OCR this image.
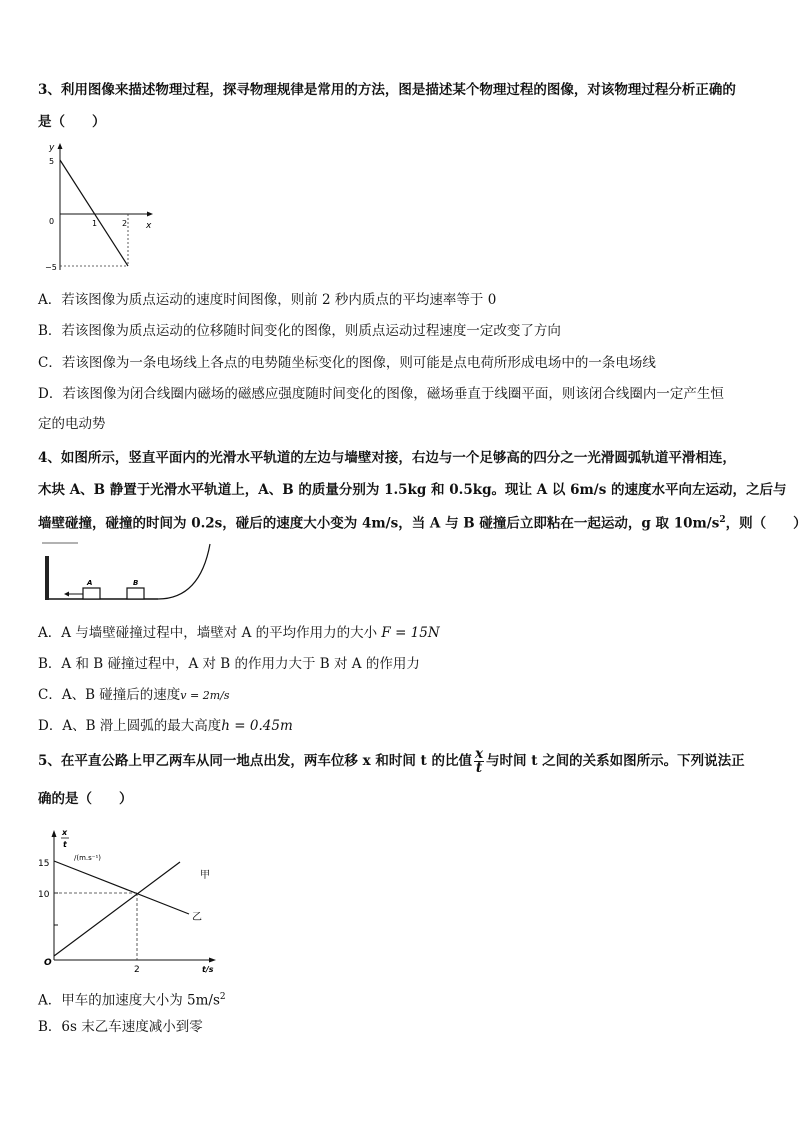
3、利用图像来描述物理过程，探寻物理规律是常用的方法，图是描述某个物理过程的图像，对该物理过程分析正确的
是（　　）
y
x
5
0
−5
1	2
A．若该图像为质点运动的速度时间图像，则前 2 秒内质点的平均速率等于 0
B．若该图像为质点运动的位移随时间变化的图像，则质点运动过程速度一定改变了方向
C．若该图像为一条电场线上各点的电势随坐标变化的图像，则可能是点电荷所形成电场中的一条电场线
D．若该图像为闭合线圈内磁场的磁感应强度随时间变化的图像，磁场垂直于线圈平面，则该闭合线圈内一定产生恒
定的电动势
4、如图所示，竖直平面内的光滑水平轨道的左边与墙壁对接，右边与一个足够高的四分之一光滑圆弧轨道平滑相连，
木块 A、B 静置于光滑水平轨道上，A、B 的质量分别为 1.5kg 和 0.5kg。现让 A 以 6m/s 的速度水平向左运动，之后与
墙壁碰撞，碰撞的时间为 0.2s，碰后的速度大小变为 4m/s，当 A 与 B 碰撞后立即粘在一起运动，g 取 $10m/s^2$，则（　　）
A	B
A．A 与墙壁碰撞过程中，墙壁对 A 的平均作用力的大小 F = 15N
B．A 和 B 碰撞过程中，A 对 B 的作用力大于 B 对 A 的作用力
C．A、B 碰撞后的速度v = 2m/s
D．A、B 滑上圆弧的最大高度h = 0.45m
5、在平直公路上甲乙两车从同一地点出发，两车位移 x 和时间 t 的比值 $\frac{x}{t}$ 与时间 t 之间的关系如图所示。下列说法正
确的是（　　）
x
t
/(m.s⁻¹)
15
10
O
2	t/s
甲
乙
A．甲车的加速度大小为 $5m/s^2$
B．6s 末乙车速度减小到零
